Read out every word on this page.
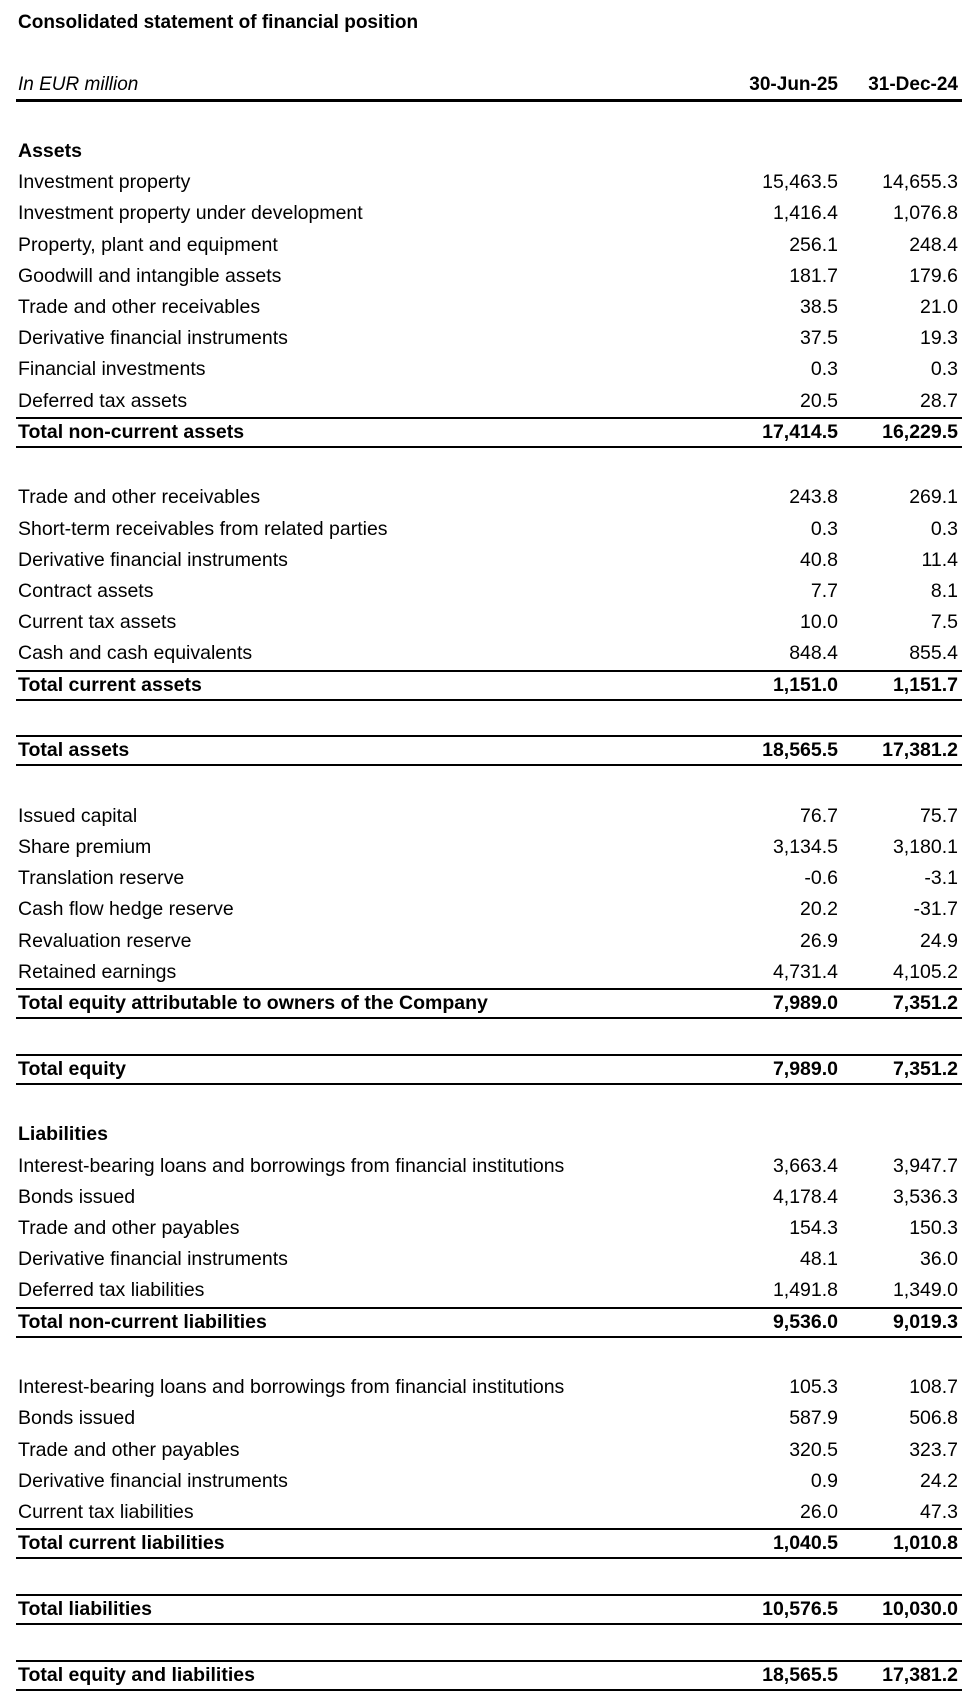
Consolidated statement of financial position
In EUR million	30-Jun-25 31-Dec-24
Assets
Investment property	15,463.5 14,655.3
Investment property under development	1,416.4	1,076.8
Property, plant and equipment	256.1	248.4
Goodwill and intangible assets	181.7	179.6
Trade and other receivables	38.5	21.0
Derivative financial instruments	37.5	19.3
Financial investments	0.3	0.3
Deferred tax assets	20.5	28.7
Total non-current assets	17,414.5 16,229.5
Trade and other receivables	243.8	269.1
Short-term receivables from related parties	0.3	0.3
Derivative financial instruments	40.8	11.4
Contract assets	7.7	8.1
Current tax assets	10.0	7.5
Cash and cash equivalents	848.4	855.4
Total current assets	1,151.0	1,151.7
Total assets	18,565.5 17,381.2
Issued capital	76.7	75.7
Share premium	3,134.5	3,180.1
Translation reserve	-0.6	-3.1
Cash flow hedge reserve	20.2	-31.7
Revaluation reserve	26.9	24.9
Retained earnings	4,731.4	4,105.2
Total equity attributable to owners of the Company	7,989.0	7,351.2
Total equity	7,989.0	7,351.2
Liabilities
Interest-bearing loans and borrowings from financial institutions	3,663.4	3,947.7
Bonds issued	4,178.4	3,536.3
Trade and other payables	154.3	150.3
Derivative financial instruments	48.1	36.0
Deferred tax liabilities	1,491.8	1,349.0
Total non-current liabilities	9,536.0	9,019.3
Interest-bearing loans and borrowings from financial institutions	105.3	108.7
Bonds issued	587.9	506.8
Trade and other payables	320.5	323.7
Derivative financial instruments	0.9	24.2
Current tax liabilities	26.0	47.3
Total current liabilities	1,040.5	1,010.8
Total liabilities	10,576.5 10,030.0
Total equity and liabilities	18,565.5 17,381.2
